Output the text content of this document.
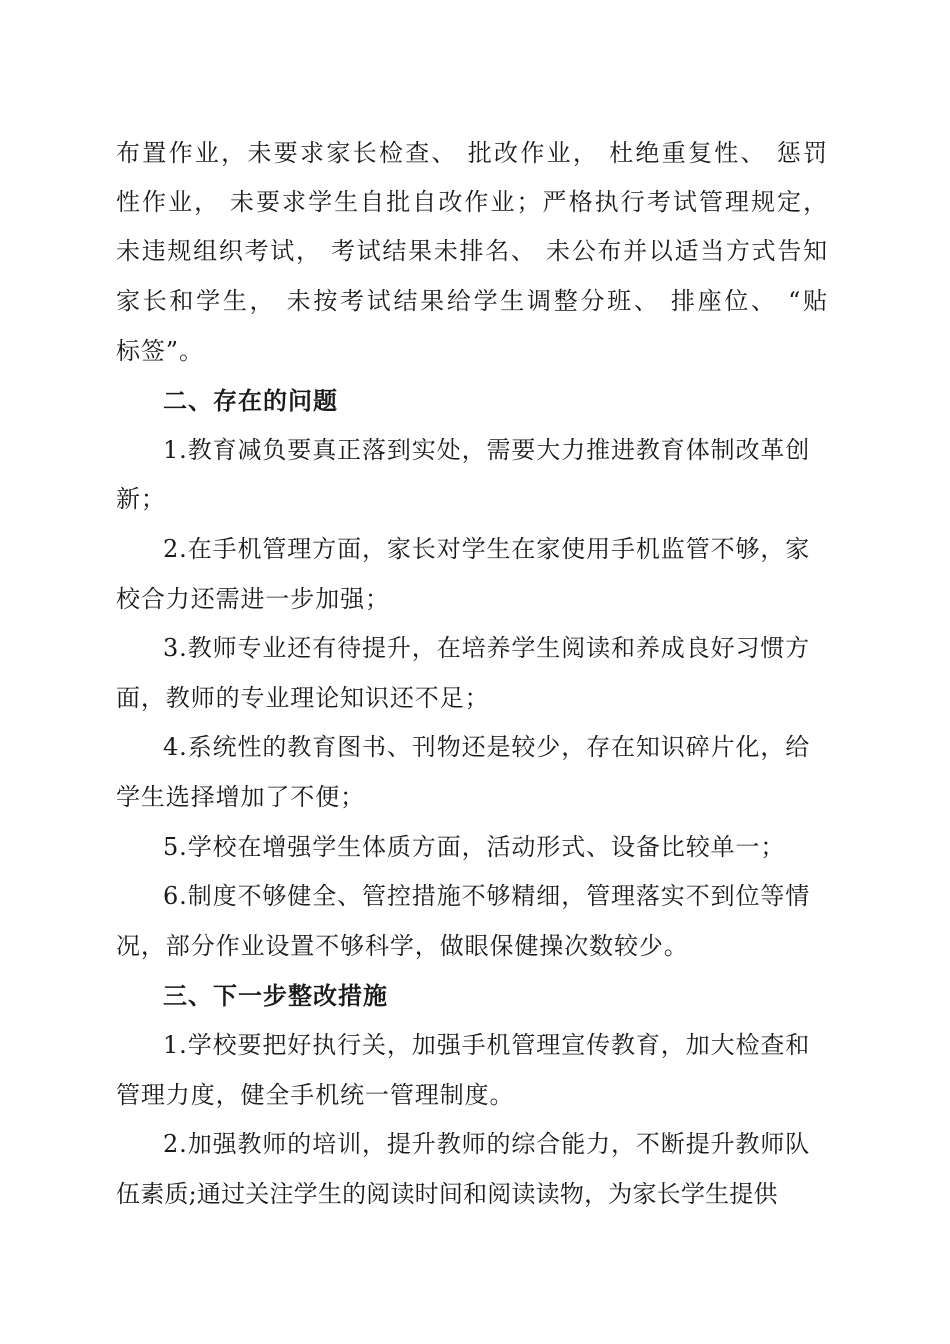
布置作业，未要求家长检查、 批改作业， 杜绝重复性、 惩罚
性作业， 未要求学生自批自改作业；严格执行考试管理规定，
未违规组织考试， 考试结果未排名、 未公布并以适当方式告知
家长和学生， 未按考试结果给学生调整分班、 排座位、 “贴
标签”。
二、存在的问题
1.教育减负要真正落到实处，需要大力推进教育体制改革创
新；
2.在手机管理方面，家长对学生在家使用手机监管不够，家
校合力还需进一步加强；
3.教师专业还有待提升，在培养学生阅读和养成良好习惯方
面，教师的专业理论知识还不足；
4.系统性的教育图书、刊物还是较少，存在知识碎片化，给
学生选择增加了不便；
5.学校在增强学生体质方面，活动形式、设备比较单一；
6.制度不够健全、管控措施不够精细，管理落实不到位等情
况，部分作业设置不够科学，做眼保健操次数较少。
三、下一步整改措施
1.学校要把好执行关，加强手机管理宣传教育，加大检查和
管理力度，健全手机统一管理制度。
2.加强教师的培训，提升教师的综合能力，不断提升教师队
伍素质;通过关注学生的阅读时间和阅读读物，为家长学生提供
